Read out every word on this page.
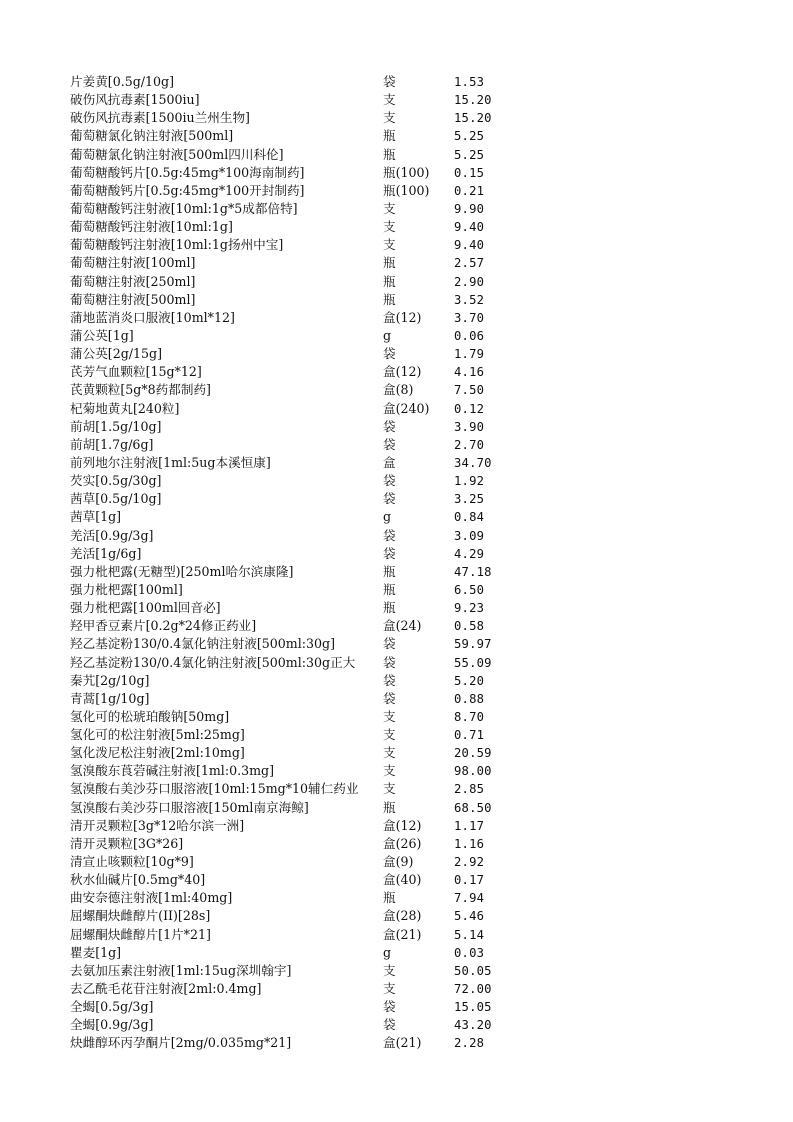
片姜黄[0.5g/10g]	袋	1.53
破伤风抗毒素[1500iu]	支	15.20
破伤风抗毒素[1500iu兰州生物]	支	15.20
葡萄糖氯化钠注射液[500ml]	瓶	5.25
葡萄糖氯化钠注射液[500ml四川科伦]	瓶	5.25
葡萄糖酸钙片[0.5g:45mg*100海南制药]	瓶(100)	0.15
葡萄糖酸钙片[0.5g:45mg*100开封制药]	瓶(100)	0.21
葡萄糖酸钙注射液[10ml:1g*5成都倍特]	支	9.90
葡萄糖酸钙注射液[10ml:1g]	支	9.40
葡萄糖酸钙注射液[10ml:1g扬州中宝]	支	9.40
葡萄糖注射液[100ml]	瓶	2.57
葡萄糖注射液[250ml]	瓶	2.90
葡萄糖注射液[500ml]	瓶	3.52
蒲地蓝消炎口服液[10ml*12]	盒(12)	3.70
蒲公英[1g]	g	0.06
蒲公英[2g/15g]	袋	1.79
芪芳气血颗粒[15g*12]	盒(12)	4.16
芪黄颗粒[5g*8药都制药]	盒(8)	7.50
杞菊地黄丸[240粒]	盒(240)	0.12
前胡[1.5g/10g]	袋	3.90
前胡[1.7g/6g]	袋	2.70
前列地尔注射液[1ml:5ug本溪恒康]	盒	34.70
芡实[0.5g/30g]	袋	1.92
茜草[0.5g/10g]	袋	3.25
茜草[1g]	g	0.84
羌活[0.9g/3g]	袋	3.09
羌活[1g/6g]	袋	4.29
强力枇杷露(无糖型)[250ml哈尔滨康隆]	瓶	47.18
强力枇杷露[100ml]	瓶	6.50
强力枇杷露[100ml回音必]	瓶	9.23
羟甲香豆素片[0.2g*24修正药业]	盒(24)	0.58
羟乙基淀粉130/0.4氯化钠注射液[500ml:30g]	袋	59.97
羟乙基淀粉130/0.4氯化钠注射液[500ml:30g正大	袋	55.09
秦艽[2g/10g]	袋	5.20
青蒿[1g/10g]	袋	0.88
氢化可的松琥珀酸钠[50mg]	支	8.70
氢化可的松注射液[5ml:25mg]	支	0.71
氢化泼尼松注射液[2ml:10mg]	支	20.59
氢溴酸东莨菪碱注射液[1ml:0.3mg]	支	98.00
氢溴酸右美沙芬口服溶液[10ml:15mg*10辅仁药业	支	2.85
氢溴酸右美沙芬口服溶液[150ml南京海鲸]	瓶	68.50
清开灵颗粒[3g*12哈尔滨一洲]	盒(12)	1.17
清开灵颗粒[3G*26]	盒(26)	1.16
清宣止咳颗粒[10g*9]	盒(9)	2.92
秋水仙碱片[0.5mg*40]	盒(40)	0.17
曲安奈德注射液[1ml:40mg]	瓶	7.94
屈螺酮炔雌醇片(II)[28s]	盒(28)	5.46
屈螺酮炔雌醇片[1片*21]	盒(21)	5.14
瞿麦[1g]	g	0.03
去氨加压素注射液[1ml:15ug深圳翰宇]	支	50.05
去乙酰毛花苷注射液[2ml:0.4mg]	支	72.00
全蝎[0.5g/3g]	袋	15.05
全蝎[0.9g/3g]	袋	43.20
炔雌醇环丙孕酮片[2mg/0.035mg*21]	盒(21)	2.28
